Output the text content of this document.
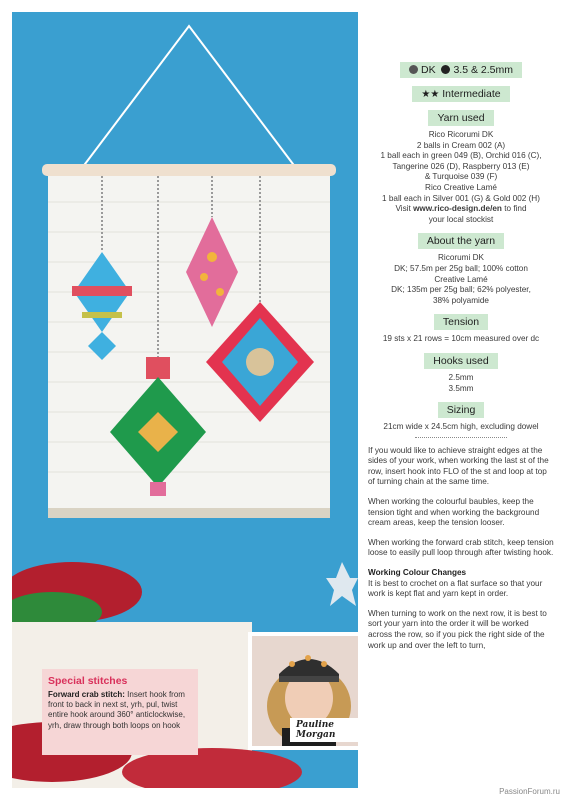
Special stitches
Forward crab stitch: Insert hook from front to back in next st, yrh, pul, twist entire hook around 360° anticlockwise, yrh, draw through both loops on hook	Pauline Morgan
DK 3.5 & 2.5mm
★★ Intermediate
Yarn used
Rico Ricorumi DK
2 balls in Cream 002 (A)
1 ball each in green 049 (B), Orchid 016 (C),
Tangerine 026 (D), Raspberry 013 (E)
& Turquoise 039 (F)
Rico Creative Lamé
1 ball each in Silver 001 (G) & Gold 002 (H)
Visit www.rico-design.de/en to find
your local stockist
About the yarn
Ricorumi DK
DK; 57.5m per 25g ball; 100% cotton
Creative Lamé
DK; 135m per 25g ball; 62% polyester,
38% polyamide
Tension
19 sts x 21 rows = 10cm measured over dc
Hooks used
2.5mm
3.5mm
Sizing
21cm wide x 24.5cm high, excluding dowel

If you would like to achieve straight edges at the sides of your work, when working the last st of the row, insert hook into FLO of the st and loop at top of turning chain at the same time.

When working the colourful baubles, keep the tension tight and when working the background cream areas, keep the tension looser.

When working the forward crab stitch, keep tension loose to easily pull loop through after twisting hook.

Working Colour Changes

It is best to crochet on a flat surface so that your work is kept flat and yarn kept in order.

When turning to work on the next row, it is best to sort your yarn into the order it will be worked across the row, so if you pick the right side of the work up and over the left to turn,

PassionForum.ru
